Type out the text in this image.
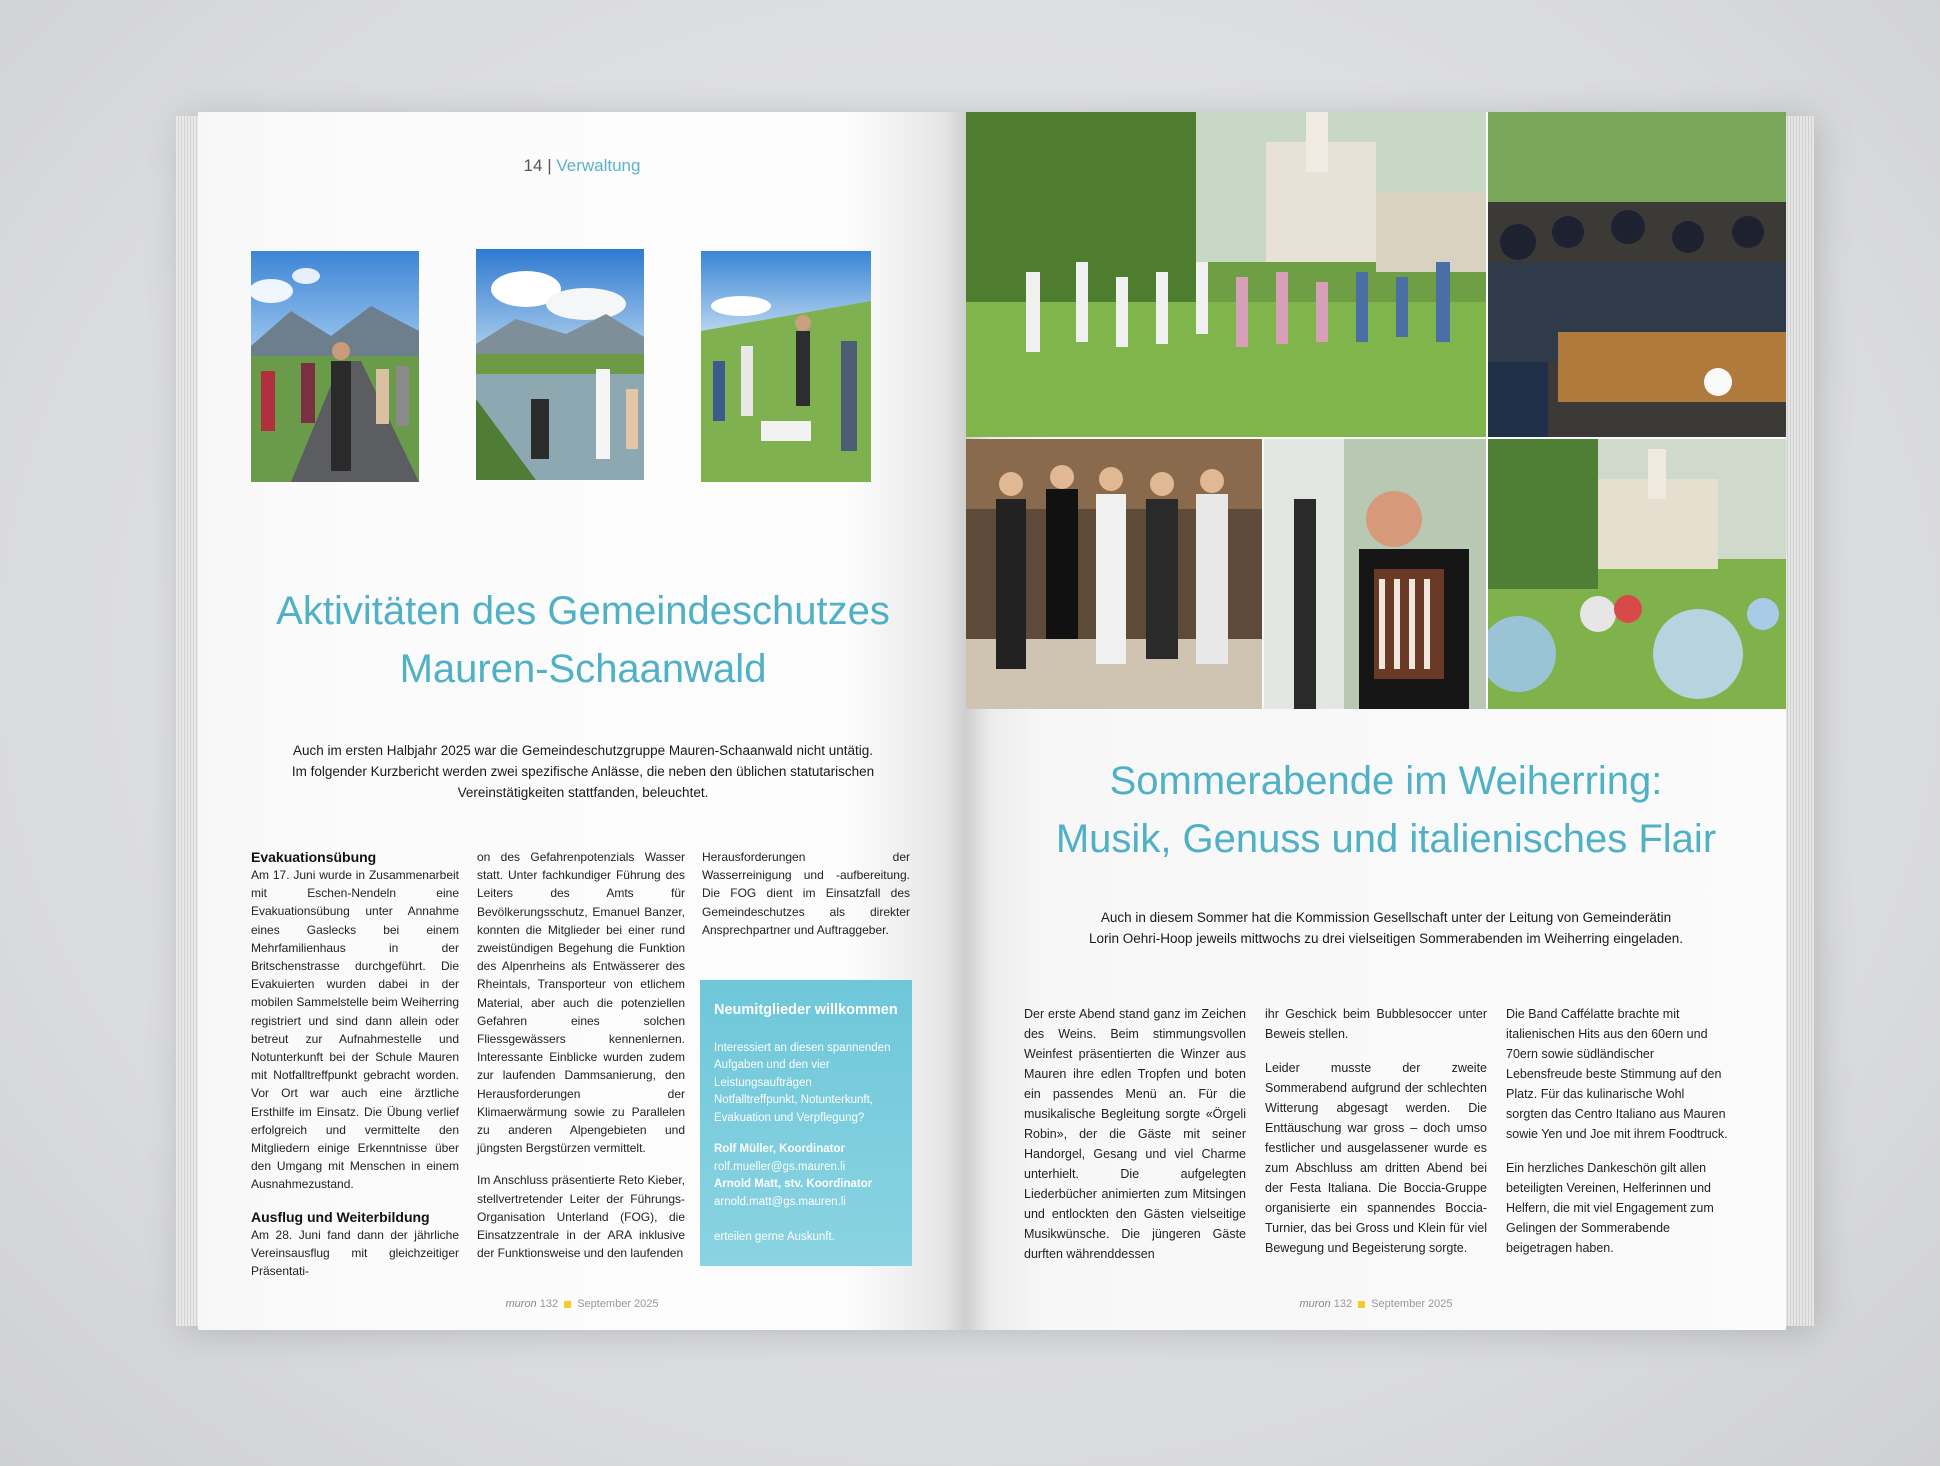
14 | Verwaltung
Aktivitäten des Gemeindeschutzes
Mauren-Schaanwald
Auch im ersten Halbjahr 2025 war die Gemeindeschutzgruppe Mauren-Schaanwald nicht untätig.
Im folgender Kurzbericht werden zwei spezifische Anlässe, die neben den üblichen statutarischen
Vereinstätigkeiten stattfanden, beleuchtet.
Evakuationsübung

Am 17. Juni wurde in Zusammenarbeit mit Eschen-Nendeln eine Evakuationsübung unter Annahme eines Gaslecks bei einem Mehrfamilienhaus in der Britschenstrasse durchgeführt. Die Evakuierten wurden dabei in der mobilen Sammelstelle beim Weiherring registriert und sind dann allein oder betreut zur Aufnahmestelle und Notunterkunft bei der Schule Mauren mit Notfalltreffpunkt gebracht worden. Vor Ort war auch eine ärztliche Ersthilfe im Einsatz. Die Übung verlief erfolgreich und vermittelte den Mitgliedern einige Erkenntnisse über den Umgang mit Menschen in einem Ausnahmezustand.

Ausflug und Weiterbildung

Am 28. Juni fand dann der jährliche Vereinsausflug mit gleichzeitiger Präsentati-

on des Gefahrenpotenzials Wasser statt. Unter fachkundiger Führung des Leiters des Amts für Bevölkerungsschutz, Emanuel Banzer, konnten die Mitglieder bei einer rund zweistündigen Begehung die Funktion des Alpenrheins als Entwässerer des Rheintals, Transporteur von etlichem Material, aber auch die potenziellen Gefahren eines solchen Fliessgewässers kennenlernen. Interessante Einblicke wurden zudem zur laufenden Dammsanierung, den Herausforderungen der Klimaerwärmung sowie zu Parallelen zu anderen Alpengebieten und jüngsten Bergstürzen vermittelt.

Im Anschluss präsentierte Reto Kieber, stellvertretender Leiter der Führungs-Organisation Unterland (FOG), die Einsatzzentrale in der ARA inklusive der Funktionsweise und den laufenden

Herausforderungen der Wasserreinigung und -aufbereitung. Die FOG dient im Einsatzfall des Gemeindeschutzes als direkter Ansprechpartner und Auftraggeber.

Neumitglieder willkommen

Interessiert an diesen spannenden Aufgaben und den vier Leistungsaufträgen Notfalltreffpunkt, Notunterkunft, Evakuation und Verpflegung?

Rolf Müller, Koordinator
rolf.mueller@gs.mauren.li
Arnold Matt, stv. Koordinator
arnold.matt@gs.mauren.li
erteilen gerne Auskunft.
muron 132 September 2025
Sommerabende im Weiherring:
Musik, Genuss und italienisches Flair
Auch in diesem Sommer hat die Kommission Gesellschaft unter der Leitung von Gemeinderätin
Lorin Oehri-Hoop jeweils mittwochs zu drei vielseitigen Sommerabenden im Weiherring eingeladen.

Der erste Abend stand ganz im Zeichen des Weins. Beim stimmungsvollen Weinfest präsentierten die Winzer aus Mauren ihre edlen Tropfen und boten ein passendes Menü an. Für die musikalische Begleitung sorgte «Örgeli Robin», der die Gäste mit seiner Handorgel, Gesang und viel Charme unterhielt. Die aufgelegten Liederbücher animierten zum Mitsingen und entlockten den Gästen vielseitige Musikwünsche. Die jüngeren Gäste durften währenddessen

ihr Geschick beim Bubblesoccer unter Beweis stellen.

Leider musste der zweite Sommerabend aufgrund der schlechten Witterung abgesagt werden. Die Enttäuschung war gross – doch umso festlicher und ausgelassener wurde es zum Abschluss am dritten Abend bei der Festa Italiana. Die Boccia-Gruppe organisierte ein spannendes Boccia-Turnier, das bei Gross und Klein für viel Bewegung und Begeisterung sorgte.

Die Band Caffélatte brachte mit italienischen Hits aus den 60ern und 70ern sowie südländischer Lebensfreude beste Stimmung auf den Platz. Für das kulinarische Wohl sorgten das Centro Italiano aus Mauren sowie Yen und Joe mit ihrem Foodtruck.

Ein herzliches Dankeschön gilt allen beteiligten Vereinen, Helferinnen und Helfern, die mit viel Engagement zum Gelingen der Sommerabende beigetragen haben.

muron 132 September 2025
